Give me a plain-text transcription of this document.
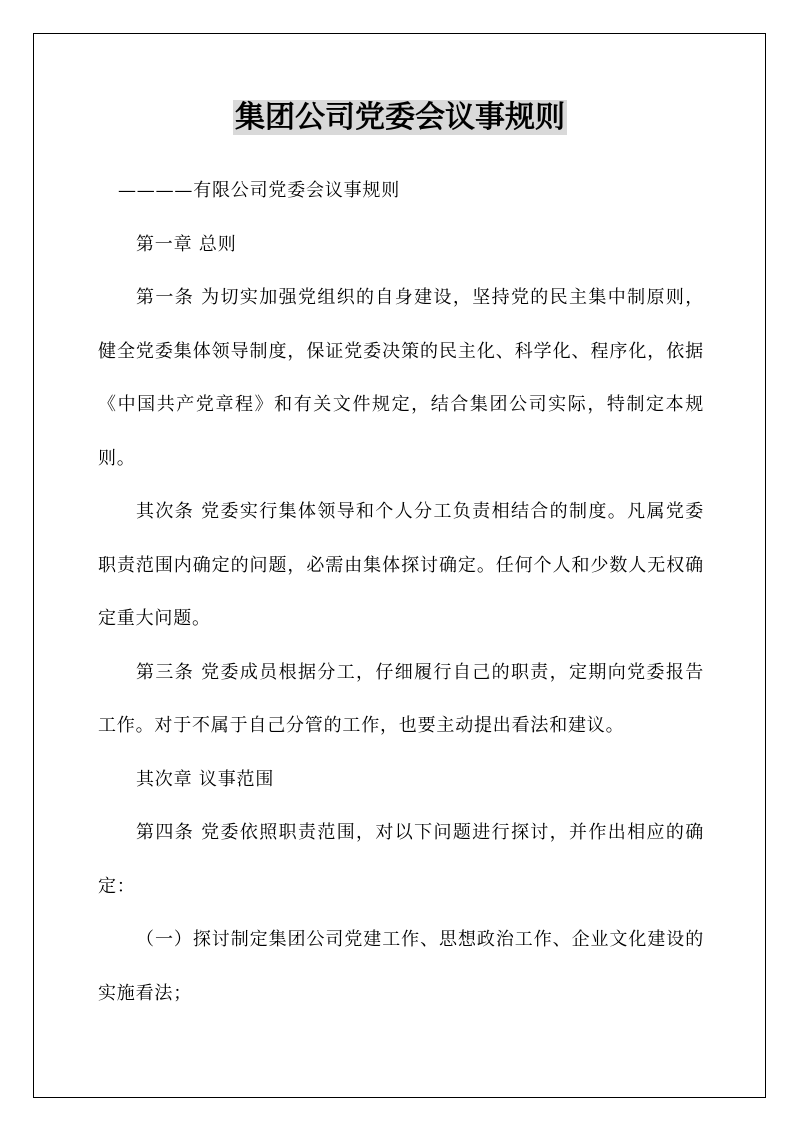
集团公司党委会议事规则

————有限公司党委会议事规则

第一章 总则

第一条 为切实加强党组织的自身建设，坚持党的民主集中制原则，健全党委集体领导制度，保证党委决策的民主化、科学化、程序化，依据《中国共产党章程》和有关文件规定，结合集团公司实际，特制定本规则。

其次条 党委实行集体领导和个人分工负责相结合的制度。凡属党委职责范围内确定的问题，必需由集体探讨确定。任何个人和少数人无权确定重大问题。

第三条 党委成员根据分工，仔细履行自己的职责，定期向党委报告工作。对于不属于自己分管的工作，也要主动提出看法和建议。

其次章 议事范围

第四条 党委依照职责范围，对以下问题进行探讨，并作出相应的确定：

（一）探讨制定集团公司党建工作、思想政治工作、企业文化建设的实施看法；
